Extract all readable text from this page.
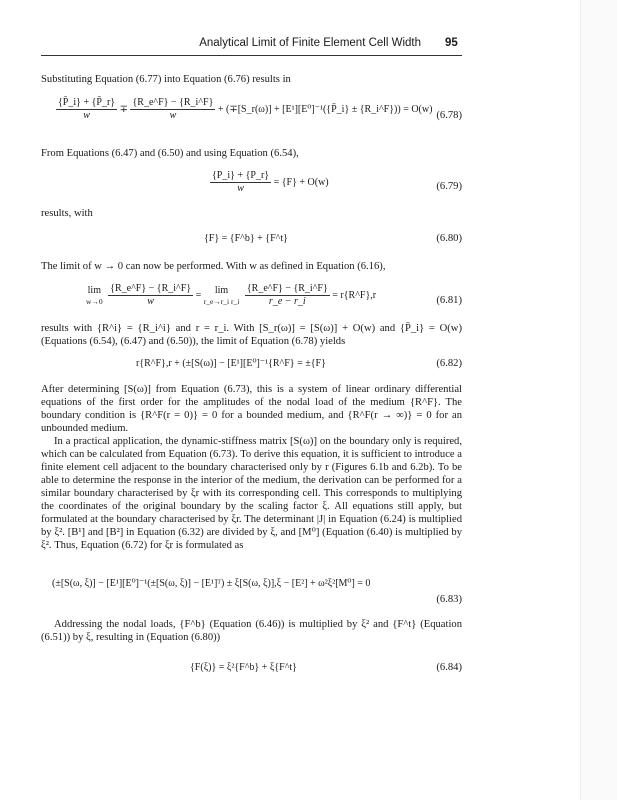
Analytical Limit of Finite Element Cell Width 95
Substituting Equation (6.77) into Equation (6.76) results in
$\frac{\{P̄\_i\} + \{P̄\_r\}}{w} \mp \frac{\{R\_e\^{}F\} - \{R\_i\^{}F\}}{w}$ + (∓[S_r(ω)] + [E¹][E⁰]⁻¹({P̄_i} ± {R_i^F})) = O(w)
(6.78)
From Equations (6.47) and (6.50) and using Equation (6.54),
$\frac{\{P\_i\} + \{P\_r\}}{w} = \{F\} + O(w)$	(6.79)
results, with
{F} = {F^b} + {F^t}	(6.80)
The limit of w → 0 can now be performed. With w as defined in Equation (6.16),
lim
w→0
$\frac{\{R\_e\^{}F\} - \{R\_i\^{}F\}}{w} = \lim$
r_e→r_i r_i
$\frac{\{R\_e\^{}F\} - \{R\_i\^{}F\}}{r\_e - r\_i}$ = r{R^F},r	(6.81)
results with {R^i} = {R_i^i} and r = r_i. With [S_r(ω)] = [S(ω)] + O(w) and {P̄_i} = O(w)
(Equations (6.54), (6.47) and (6.50)), the limit of Equation (6.78) yields
r{R^F},r + (±[S(ω)] − [E¹][E⁰]⁻¹{R^F} = ±{F}	(6.82)
After determining [S(ω)] from Equation (6.73), this is a system of linear ordinary differential equations of the first order for the amplitudes of the nodal load of the medium {R^F}. The boundary condition is {R^F(r = 0)} = 0 for a bounded medium, and {R^F(r → ∞)} = 0 for an unbounded medium.
In a practical application, the dynamic-stiffness matrix [S(ω)] on the boundary only is required, which can be calculated from Equation (6.73). To derive this equation, it is sufficient to introduce a finite element cell adjacent to the boundary characterised only by r (Figures 6.1b and 6.2b). To be able to determine the response in the interior of the medium, the derivation can be performed for a similar boundary characterised by ξr with its corresponding cell. This corresponds to multiplying the coordinates of the original boundary by the scaling factor ξ. All equations still apply, but formulated at the boundary characterised by ξr. The determinant |J| in Equation (6.24) is multiplied by ξ². [B¹] and [B²] in Equation (6.32) are divided by ξ, and [M⁰] (Equation (6.40) is multiplied by ξ². Thus, Equation (6.72) for ξr is formulated as
(±[S(ω, ξ)] − [E¹][E⁰]⁻¹(±[S(ω, ξ)] − [E¹]ᵀ) ± ξ[S(ω, ξ)],ξ − [E²] + ω²ξ²[M⁰] = 0
(6.83)
Addressing the nodal loads, {F^b} (Equation (6.46)) is multiplied by ξ² and {F^t} (Equation (6.51)) by ξ, resulting in (Equation (6.80))
{F(ξ)} = ξ²{F^b} + ξ{F^t}	(6.84)
